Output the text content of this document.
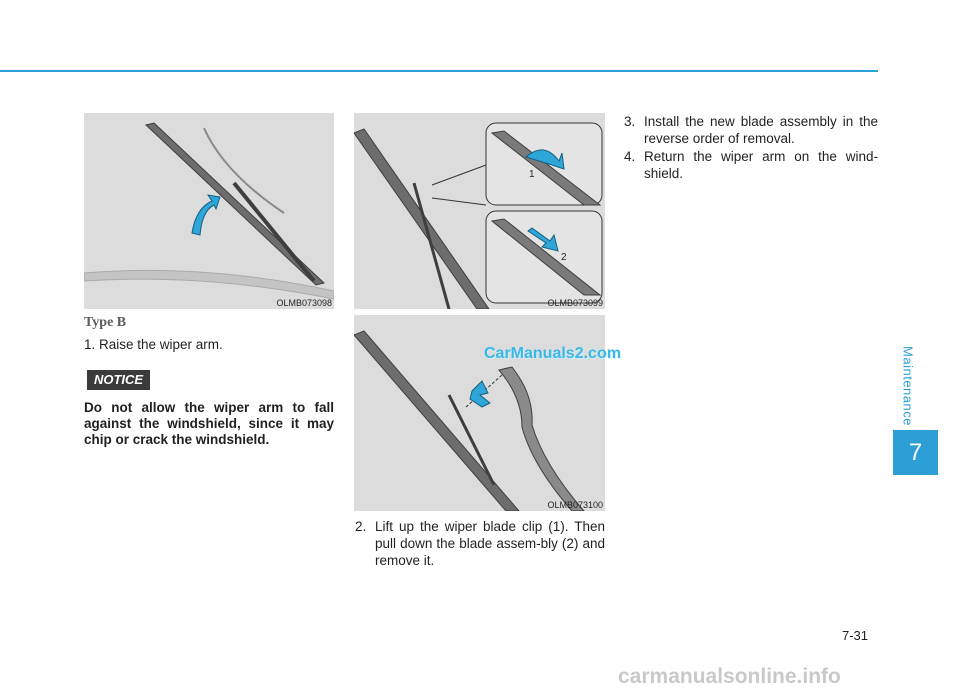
OLMB073098
1
2
OLMB073099
OLMB073100
Type B
1. Raise the wiper arm.
NOTICE
Do not allow the wiper arm to fall against the windshield, since it may chip or crack the windshield.
2. Lift up the wiper blade clip (1). Then pull down the blade assem-bly (2) and remove it.
3. Install the new blade assembly in the reverse order of removal.
4. Return the wiper arm on the wind-shield.
Maintenance
7
7-31
CarManuals2.com
carmanualsonline.info
